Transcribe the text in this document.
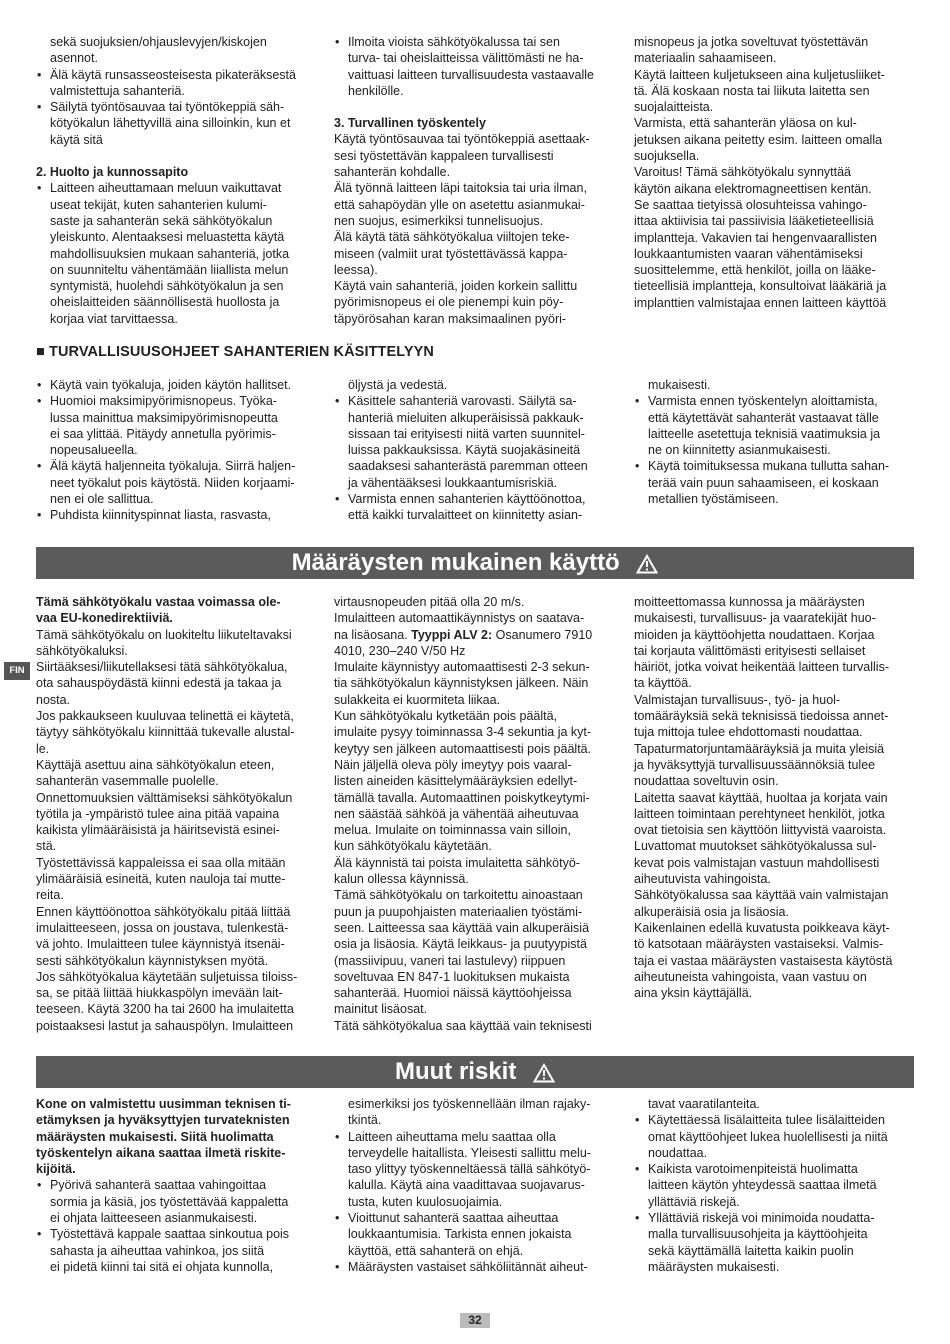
sekä suojuksien/ohjauslevyjen/kiskojen
asennot.
• Älä käytä runsasseosteisesta pikateräksestä
valmistettuja sahanteriä.
• Säilytä työntösauvaa tai työntökeppiä säh-
kötyökalun lähettyvillä aina silloinkin, kun et
käytä sitä
2. Huolto ja kunnossapito
• Laitteen aiheuttamaan meluun vaikuttavat
useat tekijät, kuten sahanterien kulumi-
saste ja sahanterän sekä sähkötyökalun
yleiskunto. Alentaaksesi meluastetta käytä
mahdollisuuksien mukaan sahanteriä, jotka
on suunniteltu vähentämään liiallista melun
syntymistä, huolehdi sähkötyökalun ja sen
oheislaitteiden säännöllisestä huollosta ja
korjaa viat tarvittaessa.
• Ilmoita vioista sähkötyökalussa tai sen
turva- tai oheislaitteissa välittömästi ne ha-
vaittuasi laitteen turvallisuudesta vastaavalle
henkilölle.
3. Turvallinen työskentely
Käytä työntösauvaa tai työntökeppiä asettaak-
sesi työstettävän kappaleen turvallisesti
sahanterän kohdalle.
Älä työnnä laitteen läpi taitoksia tai uria ilman,
että sahapöydän ylle on asetettu asianmukai-
nen suojus, esimerkiksi tunnelisuojus.
Älä käytä tätä sähkötyökalua viiltojen teke-
miseen (valmiit urat työstettävässä kappa-
leessa).
Käytä vain sahanteriä, joiden korkein sallittu
pyörimisnopeus ei ole pienempi kuin pöy-
täpyörösahan karan maksimaalinen pyöri-
misnopeus ja jotka soveltuvat työstettävän
materiaalin sahaamiseen.
Käytä laitteen kuljetukseen aina kuljetusliiket-
tä. Älä koskaan nosta tai liikuta laitetta sen
suojalaitteista.
Varmista, että sahanterän yläosa on kul-
jetuksen aikana peitetty esim. laitteen omalla
suojuksella.
Varoitus! Tämä sähkötyökalu synnyttää
käytön aikana elektromagneettisen kentän.
Se saattaa tietyissä olosuhteissa vahingo-
ittaa aktiivisia tai passiivisia lääketieteellisiä
implantteja. Vakavien tai hengenvaarallisten
loukkaantumisten vaaran vähentämiseksi
suosittelemme, että henkilöt, joilla on lääke-
tieteellisiä implantteja, konsultoivat lääkäriä ja
implanttien valmistajaa ennen laitteen käyttöä
■ TURVALLISUUSOHJEET SAHANTERIEN KÄSITTELYYN
• Käytä vain työkaluja, joiden käytön hallitset.
• Huomioi maksimipyörimisnopeus. Työka-
lussa mainittua maksimipyörimisnopeutta
ei saa ylittää. Pitäydy annetulla pyörimis-
nopeusalueella.
• Älä käytä haljenneita työkaluja. Siirrä haljen-
neet työkalut pois käytöstä. Niiden korjaami-
nen ei ole sallittua.
• Puhdista kiinnityspinnat liasta, rasvasta,
öljystä ja vedestä.
• Käsittele sahanteriä varovasti. Säilytä sa-
hanteriä mieluiten alkuperäisissä pakkauk-
sissaan tai erityisesti niitä varten suunnitel-
luissa pakkauksissa. Käytä suojakäsineitä
saadaksesi sahanterästä paremman otteen
ja vähentääksesi loukkaantumisriskiä.
• Varmista ennen sahanterien käyttöönottoa,
että kaikki turvalaitteet on kiinnitetty asian-
mukaisesti.
• Varmista ennen työskentelyn aloittamista,
että käytettävät sahanterät vastaavat tälle
laitteelle asetettuja teknisiä vaatimuksia ja
ne on kiinnitetty asianmukaisesti.
• Käytä toimituksessa mukana tullutta sahan-
terää vain puun sahaamiseen, ei koskaan
metallien työstämiseen.
Määräysten mukainen käyttö
FIN
Tämä sähkötyökalu vastaa voimassa ole-
vaa EU-konedirektiiviä.
Tämä sähkötyökalu on luokiteltu liikuteltavaksi
sähkötyökaluksi.
Siirtääksesi/liikutellaksesi tätä sähkötyökalua,
ota sahauspöydästä kiinni edestä ja takaa ja
nosta.
Jos pakkaukseen kuuluvaa telinettä ei käytetä,
täytyy sähkötyökalu kiinnittää tukevalle alustal-
le.
Käyttäjä asettuu aina sähkötyökalun eteen,
sahanterän vasemmalle puolelle.
Onnettomuuksien välttämiseksi sähkötyökalun
työtila ja -ympäristö tulee aina pitää vapaina
kaikista ylimääräisistä ja häiritsevistä esinei-
stä.
Työstettävissä kappaleissa ei saa olla mitään
ylimääräisiä esineitä, kuten nauloja tai mutte-
reita.
Ennen käyttöönottoa sähkötyökalu pitää liittää
imulaitteeseen, jossa on joustava, tulenkestä-
vä johto. Imulaitteen tulee käynnistyä itsenäi-
sesti sähkötyökalun käynnistyksen myötä.
Jos sähkötyökalua käytetään suljetuissa tiloiss-
sa, se pitää liittää hiukkaspölyn imevään lait-
teeseen. Käytä 3200 ha tai 2600 ha imulaitetta
poistaaksesi lastut ja sahauspölyn. Imulaitteen
virtausnopeuden pitää olla 20 m/s.
Imulaitteen automaattikäynnistys on saatava-
na lisäosana. Tyyppi ALV 2: Osanumero 7910
4010, 230–240 V/50 Hz
Imulaite käynnistyy automaattisesti 2-3 sekun-
tia sähkötyökalun käynnistyksen jälkeen. Näin
sulakkeita ei kuormiteta liikaa.
Kun sähkötyökalu kytketään pois päältä,
imulaite pysyy toiminnassa 3-4 sekuntia ja kyt-
keytyy sen jälkeen automaattisesti pois päältä.
Näin jäljellä oleva pöly imeytyy pois vaaral-
listen aineiden käsittelymääräyksien edellyt-
tämällä tavalla. Automaattinen poiskytkeytymi-
nen säästää sähköä ja vähentää aiheutuvaa
melua. Imulaite on toiminnassa vain silloin,
kun sähkötyökalu käytetään.
Älä käynnistä tai poista imulaitetta sähkötyö-
kalun ollessa käynnissä.
Tämä sähkötyökalu on tarkoitettu ainoastaan
puun ja puupohjaisten materiaalien työstämi-
seen. Laitteessa saa käyttää vain alkuperäisiä
osia ja lisäosia. Käytä leikkaus- ja puutyypistä
(massiivipuu, vaneri tai lastulevy) riippuen
soveltuvaa EN 847-1 luokituksen mukaista
sahanterää. Huomioi näissä käyttöohjeissa
mainitut lisäosat.
Tätä sähkötyökalua saa käyttää vain teknisesti
moitteettomassa kunnossa ja määräysten
mukaisesti, turvallisuus- ja vaaratekijät huo-
mioiden ja käyttöohjetta noudattaen. Korjaa
tai korjauta välittömästi erityisesti sellaiset
häiriöt, jotka voivat heikentää laitteen turvallis-
ta käyttöä.
Valmistajan turvallisuus-, työ- ja huol-
tomääräyksiä sekä teknisissä tiedoissa annet-
tuja mittoja tulee ehdottomasti noudattaa.
Tapaturmatorjuntamääräyksiä ja muita yleisiä
ja hyväksyttyjä turvallisuussäännöksiä tulee
noudattaa soveltuvin osin.
Laitetta saavat käyttää, huoltaa ja korjata vain
laitteen toimintaan perehtyneet henkilöt, jotka
ovat tietoisia sen käyttöön liittyvistä vaaroista.
Luvattomat muutokset sähkötyökalussa sul-
kevat pois valmistajan vastuun mahdollisesti
aiheutuvista vahingoista.
Sähkötyökalussa saa käyttää vain valmistajan
alkuperäisiä osia ja lisäosia.
Kaikenlainen edellä kuvatusta poikkeava käyt-
tö katsotaan määräysten vastaiseksi. Valmis-
taja ei vastaa määräysten vastaisesta käytöstä
aiheutuneista vahingoista, vaan vastuu on
aina yksin käyttäjällä.
Muut riskit
Kone on valmistettu uusimman teknisen ti-
etämyksen ja hyväksyttyjen turvateknisten
määräysten mukaisesti. Siitä huolimatta
työskentelyn aikana saattaa ilmetä riskite-
kijöitä.
• Pyörivä sahanterä saattaa vahingoittaa
sormia ja käsiä, jos työstettävää kappaletta
ei ohjata laitteeseen asianmukaisesti.
• Työstettävä kappale saattaa sinkoutua pois
sahasta ja aiheuttaa vahinkoa, jos siitä
ei pidetä kiinni tai sitä ei ohjata kunnolla,
esimerkiksi jos työskennellään ilman rajaky-
tkintä.
• Laitteen aiheuttama melu saattaa olla
terveydelle haitallista. Yleisesti sallittu melu-
taso ylittyy työskenneltäessä tällä sähkötyö-
kalulla. Käytä aina vaadittavaa suojavarus-
tusta, kuten kuulosuojaimia.
• Vioittunut sahanterä saattaa aiheuttaa
loukkaantumisia. Tarkista ennen jokaista
käyttöä, että sahanterä on ehjä.
• Määräysten vastaiset sähköliitännät aiheut-
tavat vaaratilanteita.
• Käytettäessä lisälaitteita tulee lisälaitteiden
omat käyttöohjeet lukea huolellisesti ja niitä
noudattaa.
• Kaikista varotoimenpiteistä huolimatta
laitteen käytön yhteydessä saattaa ilmetä
yllättäviä riskejä.
• Yllättäviä riskejä voi minimoida noudatta-
malla turvallisuusohjeita ja käyttöohjeita
sekä käyttämällä laitetta kaikin puolin
määräysten mukaisesti.
32
